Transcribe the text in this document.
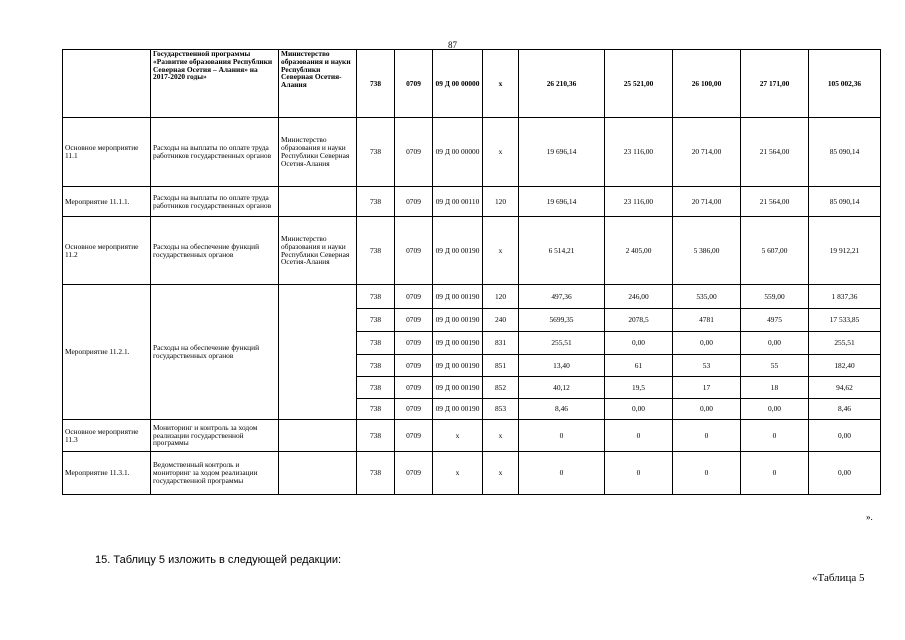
87
	Государственной программы «Развитие образования Республики Северная Осетия – Алания» на 2017-2020 годы»	Министерство образования и науки Республики Северная Осетия-Алания	738	0709	09 Д 00 00000	х	26 210,36	25 521,00	26 100,00	27 171,00	105 002,36
Основное мероприятие 11.1	Расходы на выплаты по оплате труда работников государственных органов	Министерство образования и науки Республики Северная Осетия-Алания	738	0709	09 Д 00 00000	х	19 696,14	23 116,00	20 714,00	21 564,00	85 090,14
Мероприятие 11.1.1.	Расходы на выплаты по оплате труда работников государственных органов		738	0709	09 Д 00 00110	120	19 696,14	23 116,00	20 714,00	21 564,00	85 090,14
Основное мероприятие 11.2	Расходы на обеспечение функций государственных органов	Министерство образования и науки Республики Северная Осетия-Алания	738	0709	09 Д 00 00190	х	6 514,21	2 405,00	5 386,00	5 607,00	19 912,21
Мероприятие 11.2.1.	Расходы на обеспечение функций государственных органов		738	0709	09 Д 00 00190	120	497,36	246,00	535,00	559,00	1 837,36
			738	0709	09 Д 00 00190	240	5699,35	2078,5	4781	4975	17 533,85
			738	0709	09 Д 00 00190	831	255,51	0,00	0,00	0,00	255,51
			738	0709	09 Д 00 00190	851	13,40	61	53	55	182,40
			738	0709	09 Д 00 00190	852	40,12	19,5	17	18	94,62
			738	0709	09 Д 00 00190	853	8,46	0,00	0,00	0,00	8,46
Основное мероприятие 11.3	Мониторинг и контроль за ходом реализации государственной программы		738	0709	х	х	0	0	0	0	0,00
Мероприятие 11.3.1.	Ведомственный контроль и мониторинг за ходом реализации государственной программы		738	0709	х	х	0	0	0	0	0,00
».
15. Таблицу 5 изложить в следующей редакции:
«Таблица 5
